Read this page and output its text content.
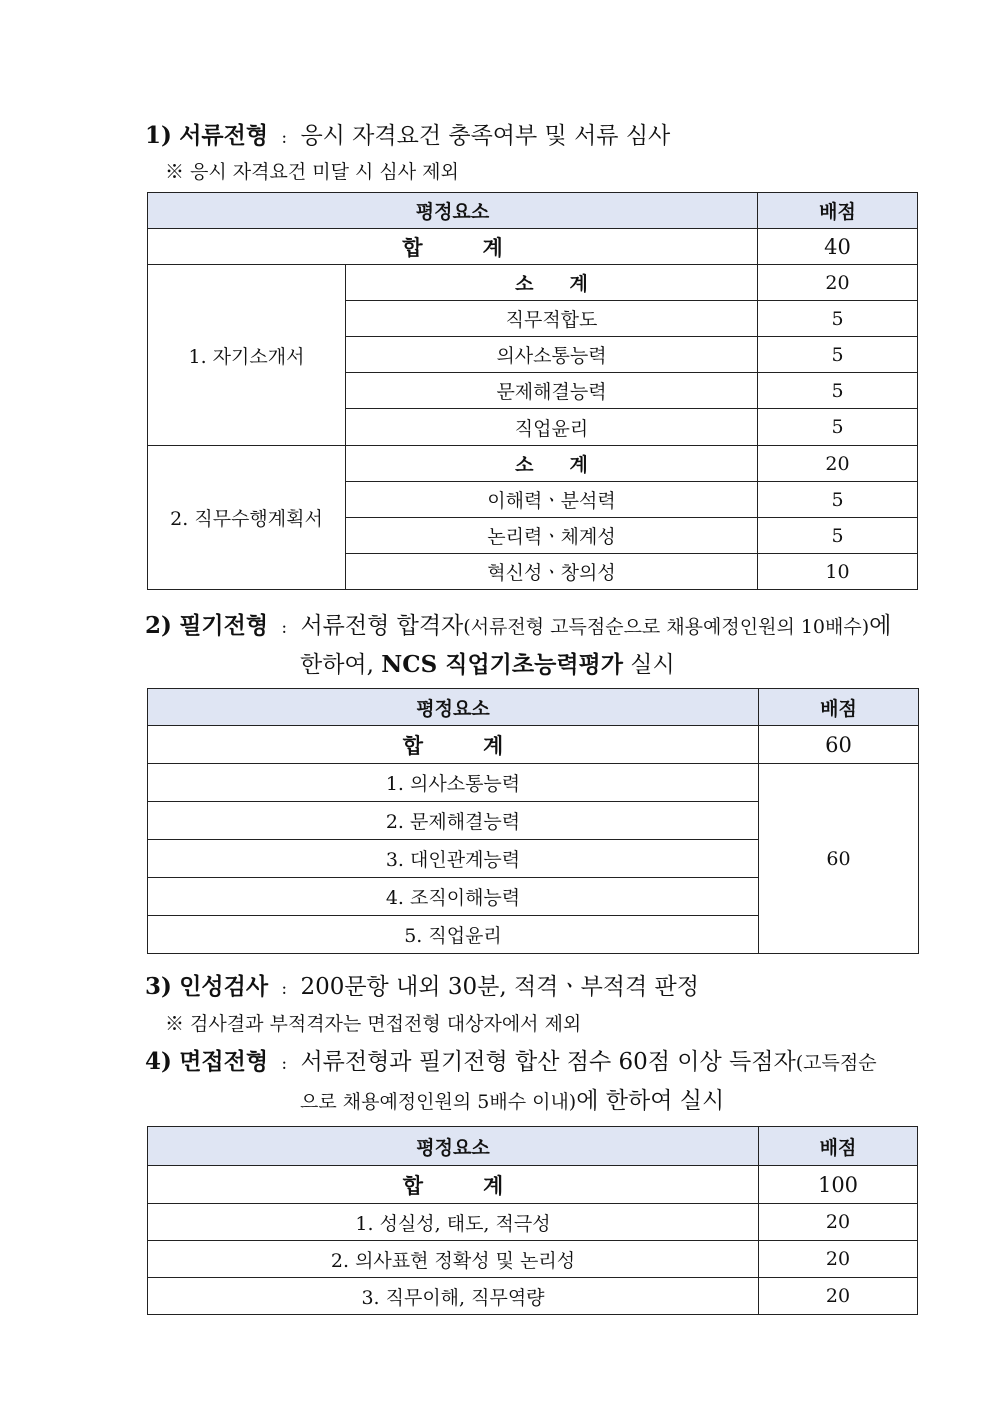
1) 서류전형 : 응시 자격요건 충족여부 및 서류 심사
※ 응시 자격요건 미달 시 심사 제외
평정요소		배점
합 계		40
1. 자기소개서	소 계	20
	직무적합도	5
	의사소통능력	5
	문제해결능력	5
	직업윤리	5
2. 직무수행계획서	소 계	20
	이해력ㆍ분석력	5
	논리력ㆍ체계성	5
	혁신성ㆍ창의성	10
2) 필기전형 : 서류전형 합격자(서류전형 고득점순으로 채용예정인원의 10배수)에
한하여, NCS 직업기초능력평가 실시
평정요소	배점
합 계	60
1. 의사소통능력	60
2. 문제해결능력	
3. 대인관계능력	
4. 조직이해능력	
5. 직업윤리	
3) 인성검사 : 200문항 내외 30분, 적격ㆍ부적격 판정
※ 검사결과 부적격자는 면접전형 대상자에서 제외
4) 면접전형 : 서류전형과 필기전형 합산 점수 60점 이상 득점자(고득점순
으로 채용예정인원의 5배수 이내)에 한하여 실시
평정요소	배점
합 계	100
1. 성실성, 태도, 적극성	20
2. 의사표현 정확성 및 논리성	20
3. 직무이해, 직무역량	20
